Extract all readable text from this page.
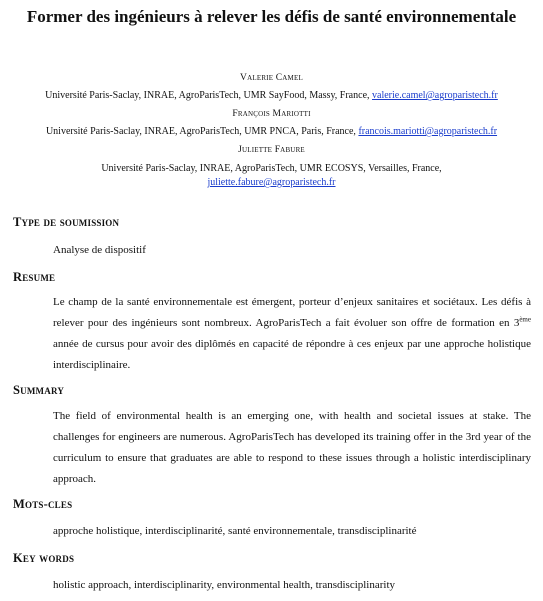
Former des ingénieurs à relever les défis de santé environnementale
Valerie Camel
Université Paris-Saclay, INRAE, AgroParisTech, UMR SayFood, Massy, France, valerie.camel@agroparistech.fr
François Mariotti
Université Paris-Saclay, INRAE, AgroParisTech, UMR PNCA, Paris, France, francois.mariotti@agroparistech.fr
Juliette Fabure
Université Paris-Saclay, INRAE, AgroParisTech, UMR ECOSYS, Versailles, France,
juliette.fabure@agroparistech.fr
Type de soumission
Analyse de dispositif
Resume
Le champ de la santé environnementale est émergent, porteur d’enjeux sanitaires et sociétaux. Les défis à relever pour des ingénieurs sont nombreux. AgroParisTech a fait évoluer son offre de formation en 3ème année de cursus pour avoir des diplômés en capacité de répondre à ces enjeux par une approche holistique interdisciplinaire.
Summary
The field of environmental health is an emerging one, with health and societal issues at stake. The challenges for engineers are numerous. AgroParisTech has developed its training offer in the 3rd year of the curriculum to ensure that graduates are able to respond to these issues through a holistic interdisciplinary approach.
Mots-cles
approche holistique, interdisciplinarité, santé environnementale, transdisciplinarité
Key words
holistic approach, interdisciplinarity, environmental health, transdisciplinarity
